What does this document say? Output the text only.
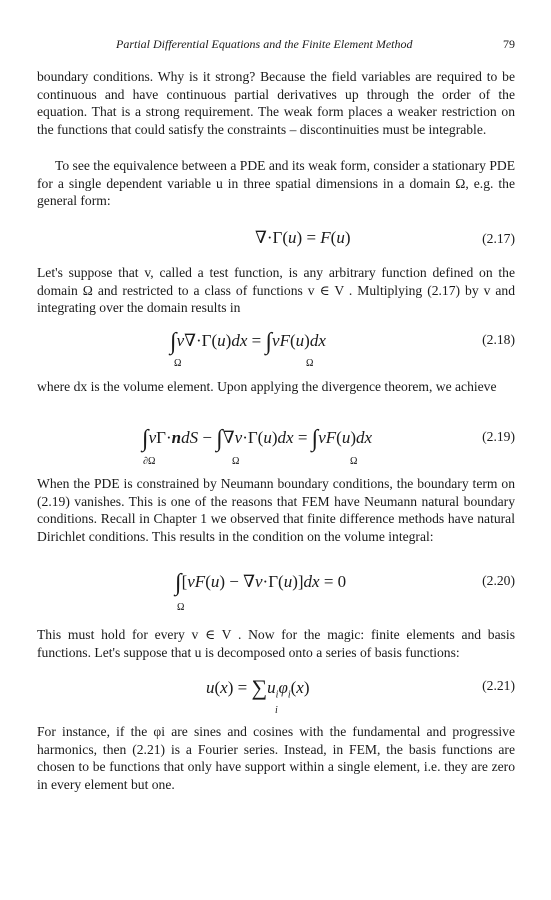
Partial Differential Equations and the Finite Element Method	79

boundary conditions. Why is it strong? Because the field variables are required to be continuous and have continuous partial derivatives up through the order of the equation. That is a strong requirement. The weak form places a weaker restriction on the functions that could satisfy the constraints – discontinuities must be integrable.

To see the equivalence between a PDE and its weak form, consider a stationary PDE for a single dependent variable u in three spatial dimensions in a domain Ω, e.g. the general form:

∇·Γ(u) = F(u)	(2.17)

Let's suppose that v, called a test function, is any arbitrary function defined on the domain Ω and restricted to a class of functions v ∈ V . Multiplying (2.17) by v and integrating over the domain results in

∫v∇·Γ(u)dx = ∫vF(u)dx	(2.18)
Ω	Ω

where dx is the volume element. Upon applying the divergence theorem, we achieve

∫vΓ·ndS − ∫∇v·Γ(u)dx = ∫vF(u)dx	(2.19)
∂Ω	Ω	Ω

When the PDE is constrained by Neumann boundary conditions, the boundary term on (2.19) vanishes. This is one of the reasons that FEM have Neumann natural boundary conditions. Recall in Chapter 1 we observed that finite difference methods have natural Dirichlet conditions. This results in the condition on the volume integral:

∫[vF(u) − ∇v·Γ(u)]dx = 0	(2.20)
Ω

This must hold for every v ∈ V . Now for the magic: finite elements and basis functions. Let's suppose that u is decomposed onto a series of basis functions:

$u(x) = \sum u_i\varphi_i(x)$	(2.21)
i

For instance, if the φi are sines and cosines with the fundamental and progressive harmonics, then (2.21) is a Fourier series. Instead, in FEM, the basis functions are chosen to be functions that only have support within a single element, i.e. they are zero in every element but one.
